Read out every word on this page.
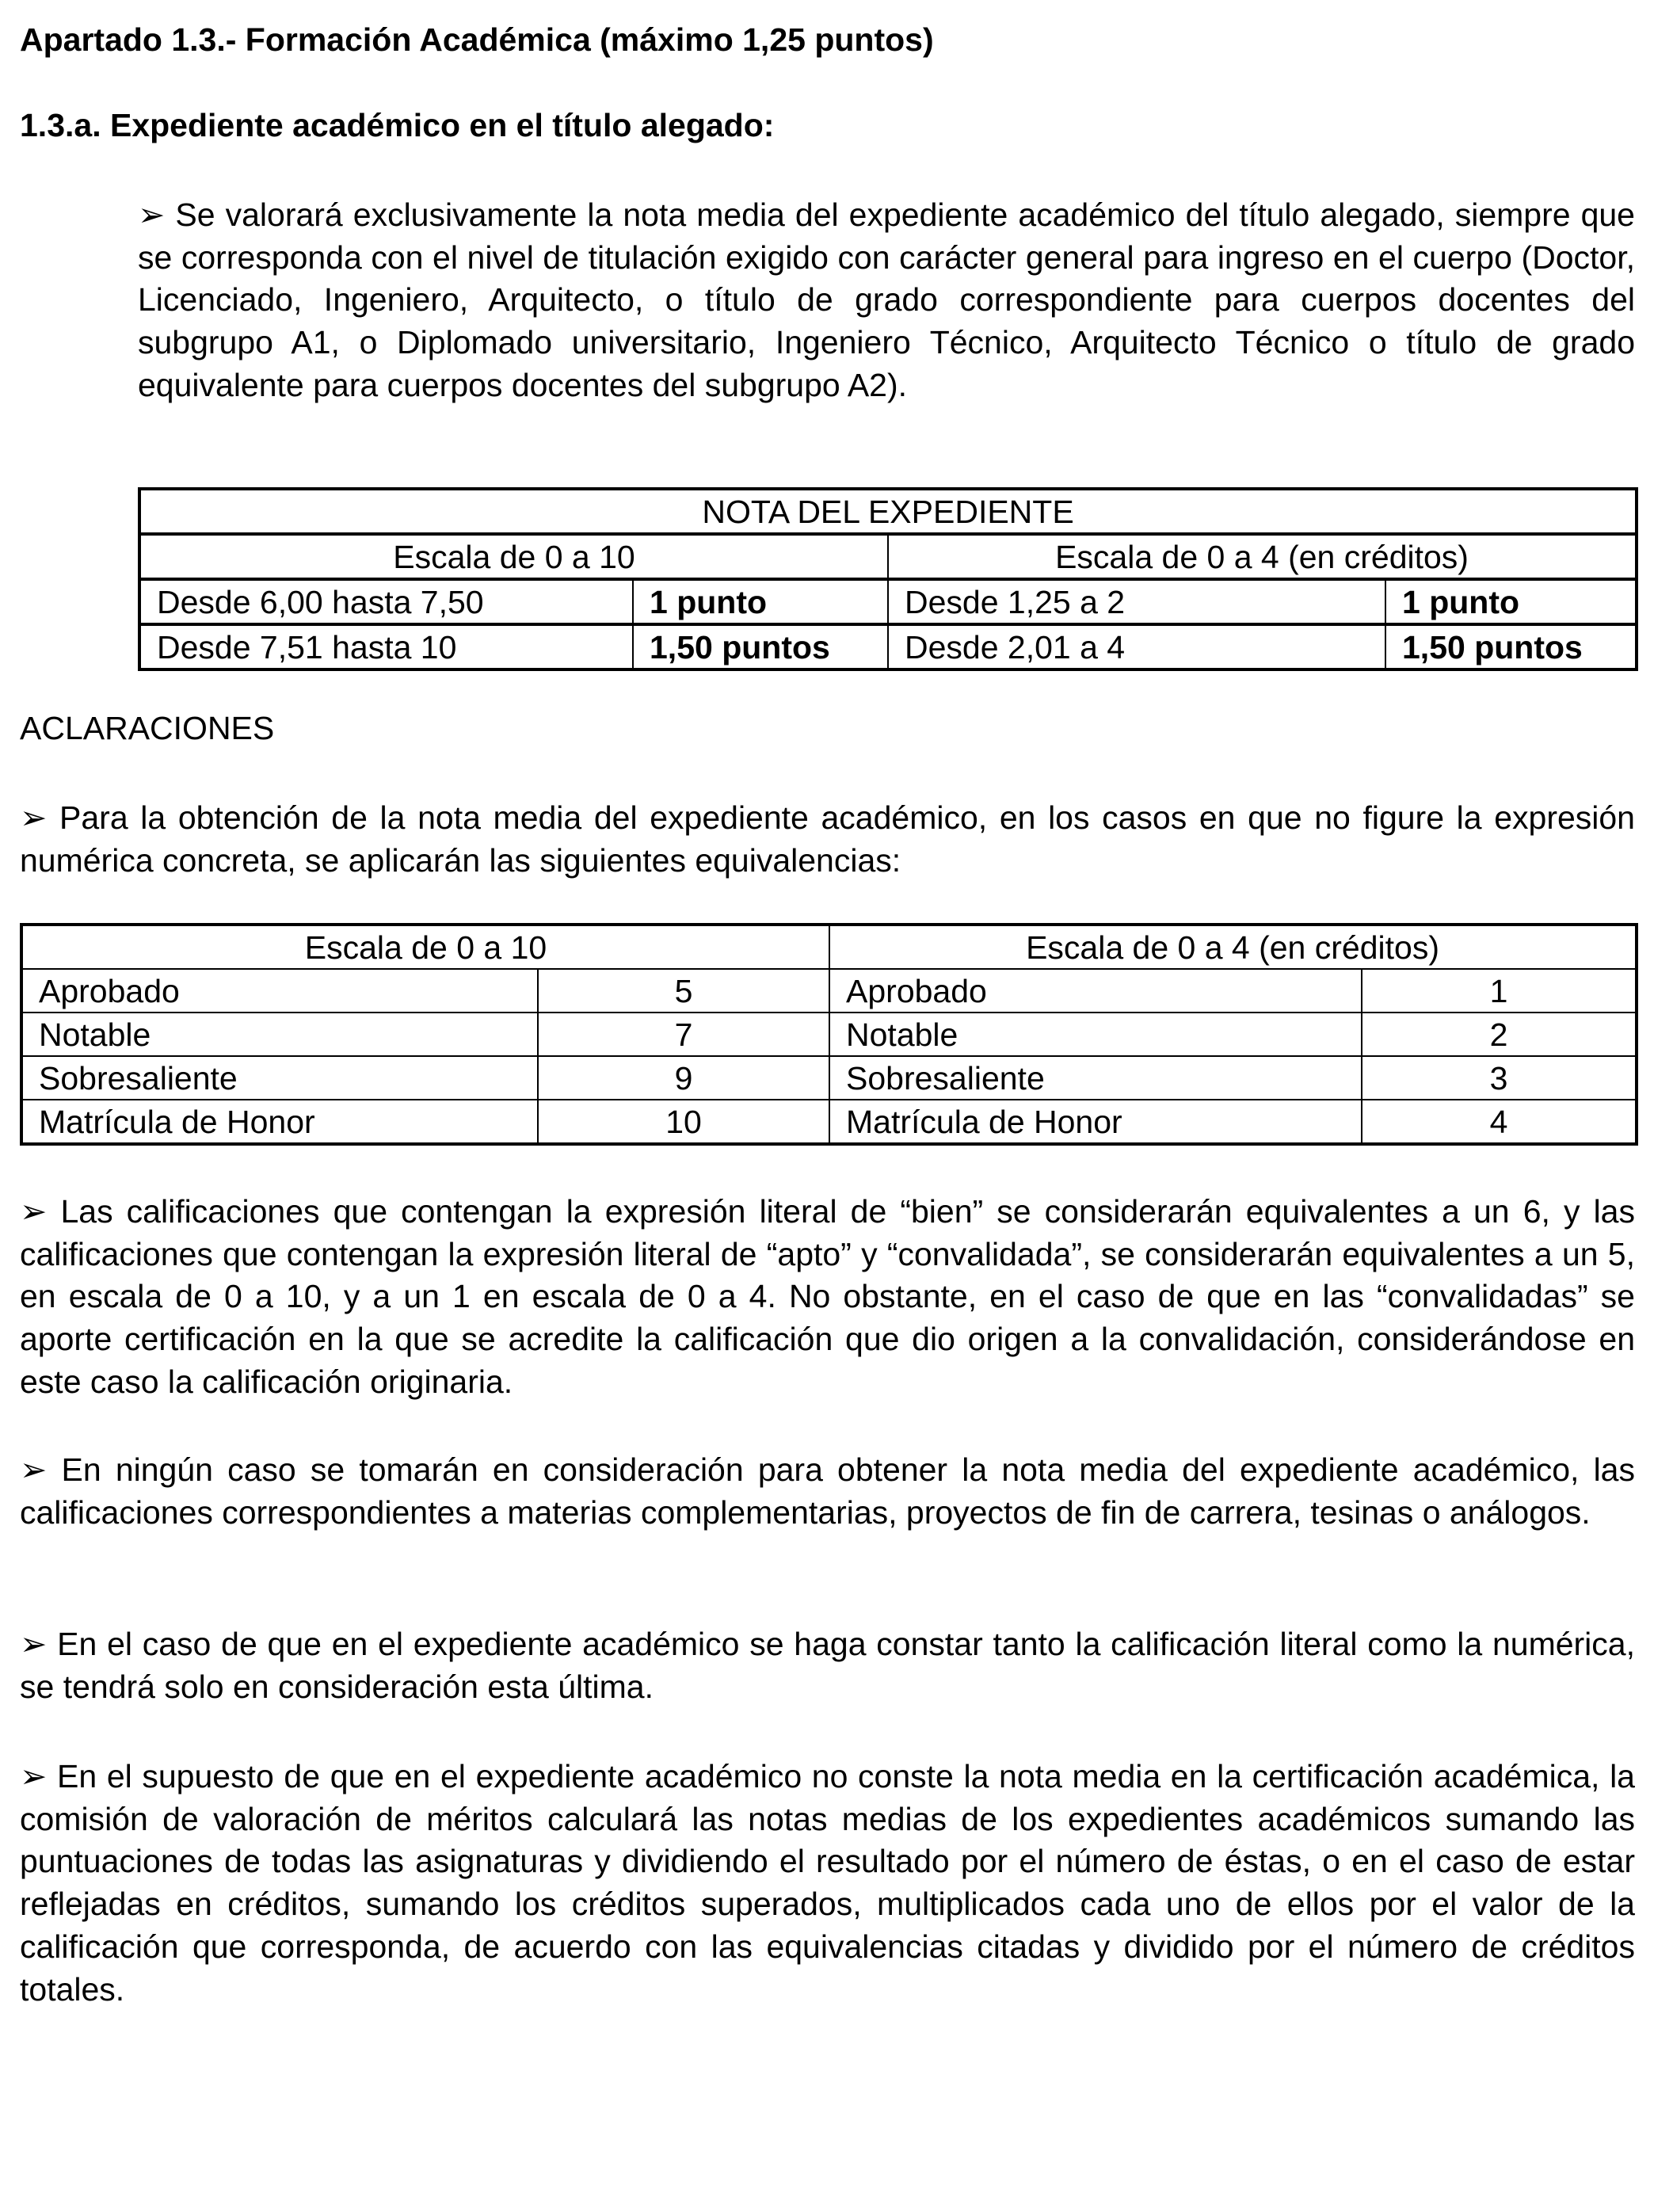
Apartado 1.3.- Formación Académica (máximo 1,25 puntos)
1.3.a. Expediente académico en el título alegado:
➢ Se valorará exclusivamente la nota media del expediente académico del título alegado, siempre que se corresponda con el nivel de titulación exigido con carácter general para ingreso en el cuerpo (Doctor, Licenciado, Ingeniero, Arquitecto, o título de grado correspondiente para cuerpos docentes del subgrupo A1, o Diplomado universitario, Ingeniero Técnico, Arquitecto Técnico o título de grado equivalente para cuerpos docentes del subgrupo A2).
NOTA DEL EXPEDIENTE			
Escala de 0 a 10		Escala de 0 a 4 (en créditos)	
Desde 6,00 hasta 7,50	1 punto	Desde 1,25 a 2	1 punto
Desde 7,51 hasta 10	1,50 puntos	Desde 2,01 a 4	1,50 puntos
ACLARACIONES
➢ Para la obtención de la nota media del expediente académico, en los casos en que no figure la expresión numérica concreta, se aplicarán las siguientes equivalencias:
Escala de 0 a 10		Escala de 0 a 4 (en créditos)	
Aprobado	5	Aprobado	1
Notable	7	Notable	2
Sobresaliente	9	Sobresaliente	3
Matrícula de Honor	10	Matrícula de Honor	4
➢ Las calificaciones que contengan la expresión literal de “bien” se considerarán equivalentes a un 6, y las calificaciones que contengan la expresión literal de “apto” y “convalidada”, se considerarán equivalentes a un 5, en escala de 0 a 10, y a un 1 en escala de 0 a 4. No obstante, en el caso de que en las “convalidadas” se aporte certificación en la que se acredite la calificación que dio origen a la convalidación, considerándose en este caso la calificación originaria.
➢ En ningún caso se tomarán en consideración para obtener la nota media del expediente académico, las calificaciones correspondientes a materias complementarias, proyectos de fin de carrera, tesinas o análogos.
➢ En el caso de que en el expediente académico se haga constar tanto la calificación literal como la numérica, se tendrá solo en consideración esta última.
➢ En el supuesto de que en el expediente académico no conste la nota media en la certificación académica, la comisión de valoración de méritos calculará las notas medias de los expedientes académicos sumando las puntuaciones de todas las asignaturas y dividiendo el resultado por el número de éstas, o en el caso de estar reflejadas en créditos, sumando los créditos superados, multiplicados cada uno de ellos por el valor de la calificación que corresponda, de acuerdo con las equivalencias citadas y dividido por el número de créditos totales.
